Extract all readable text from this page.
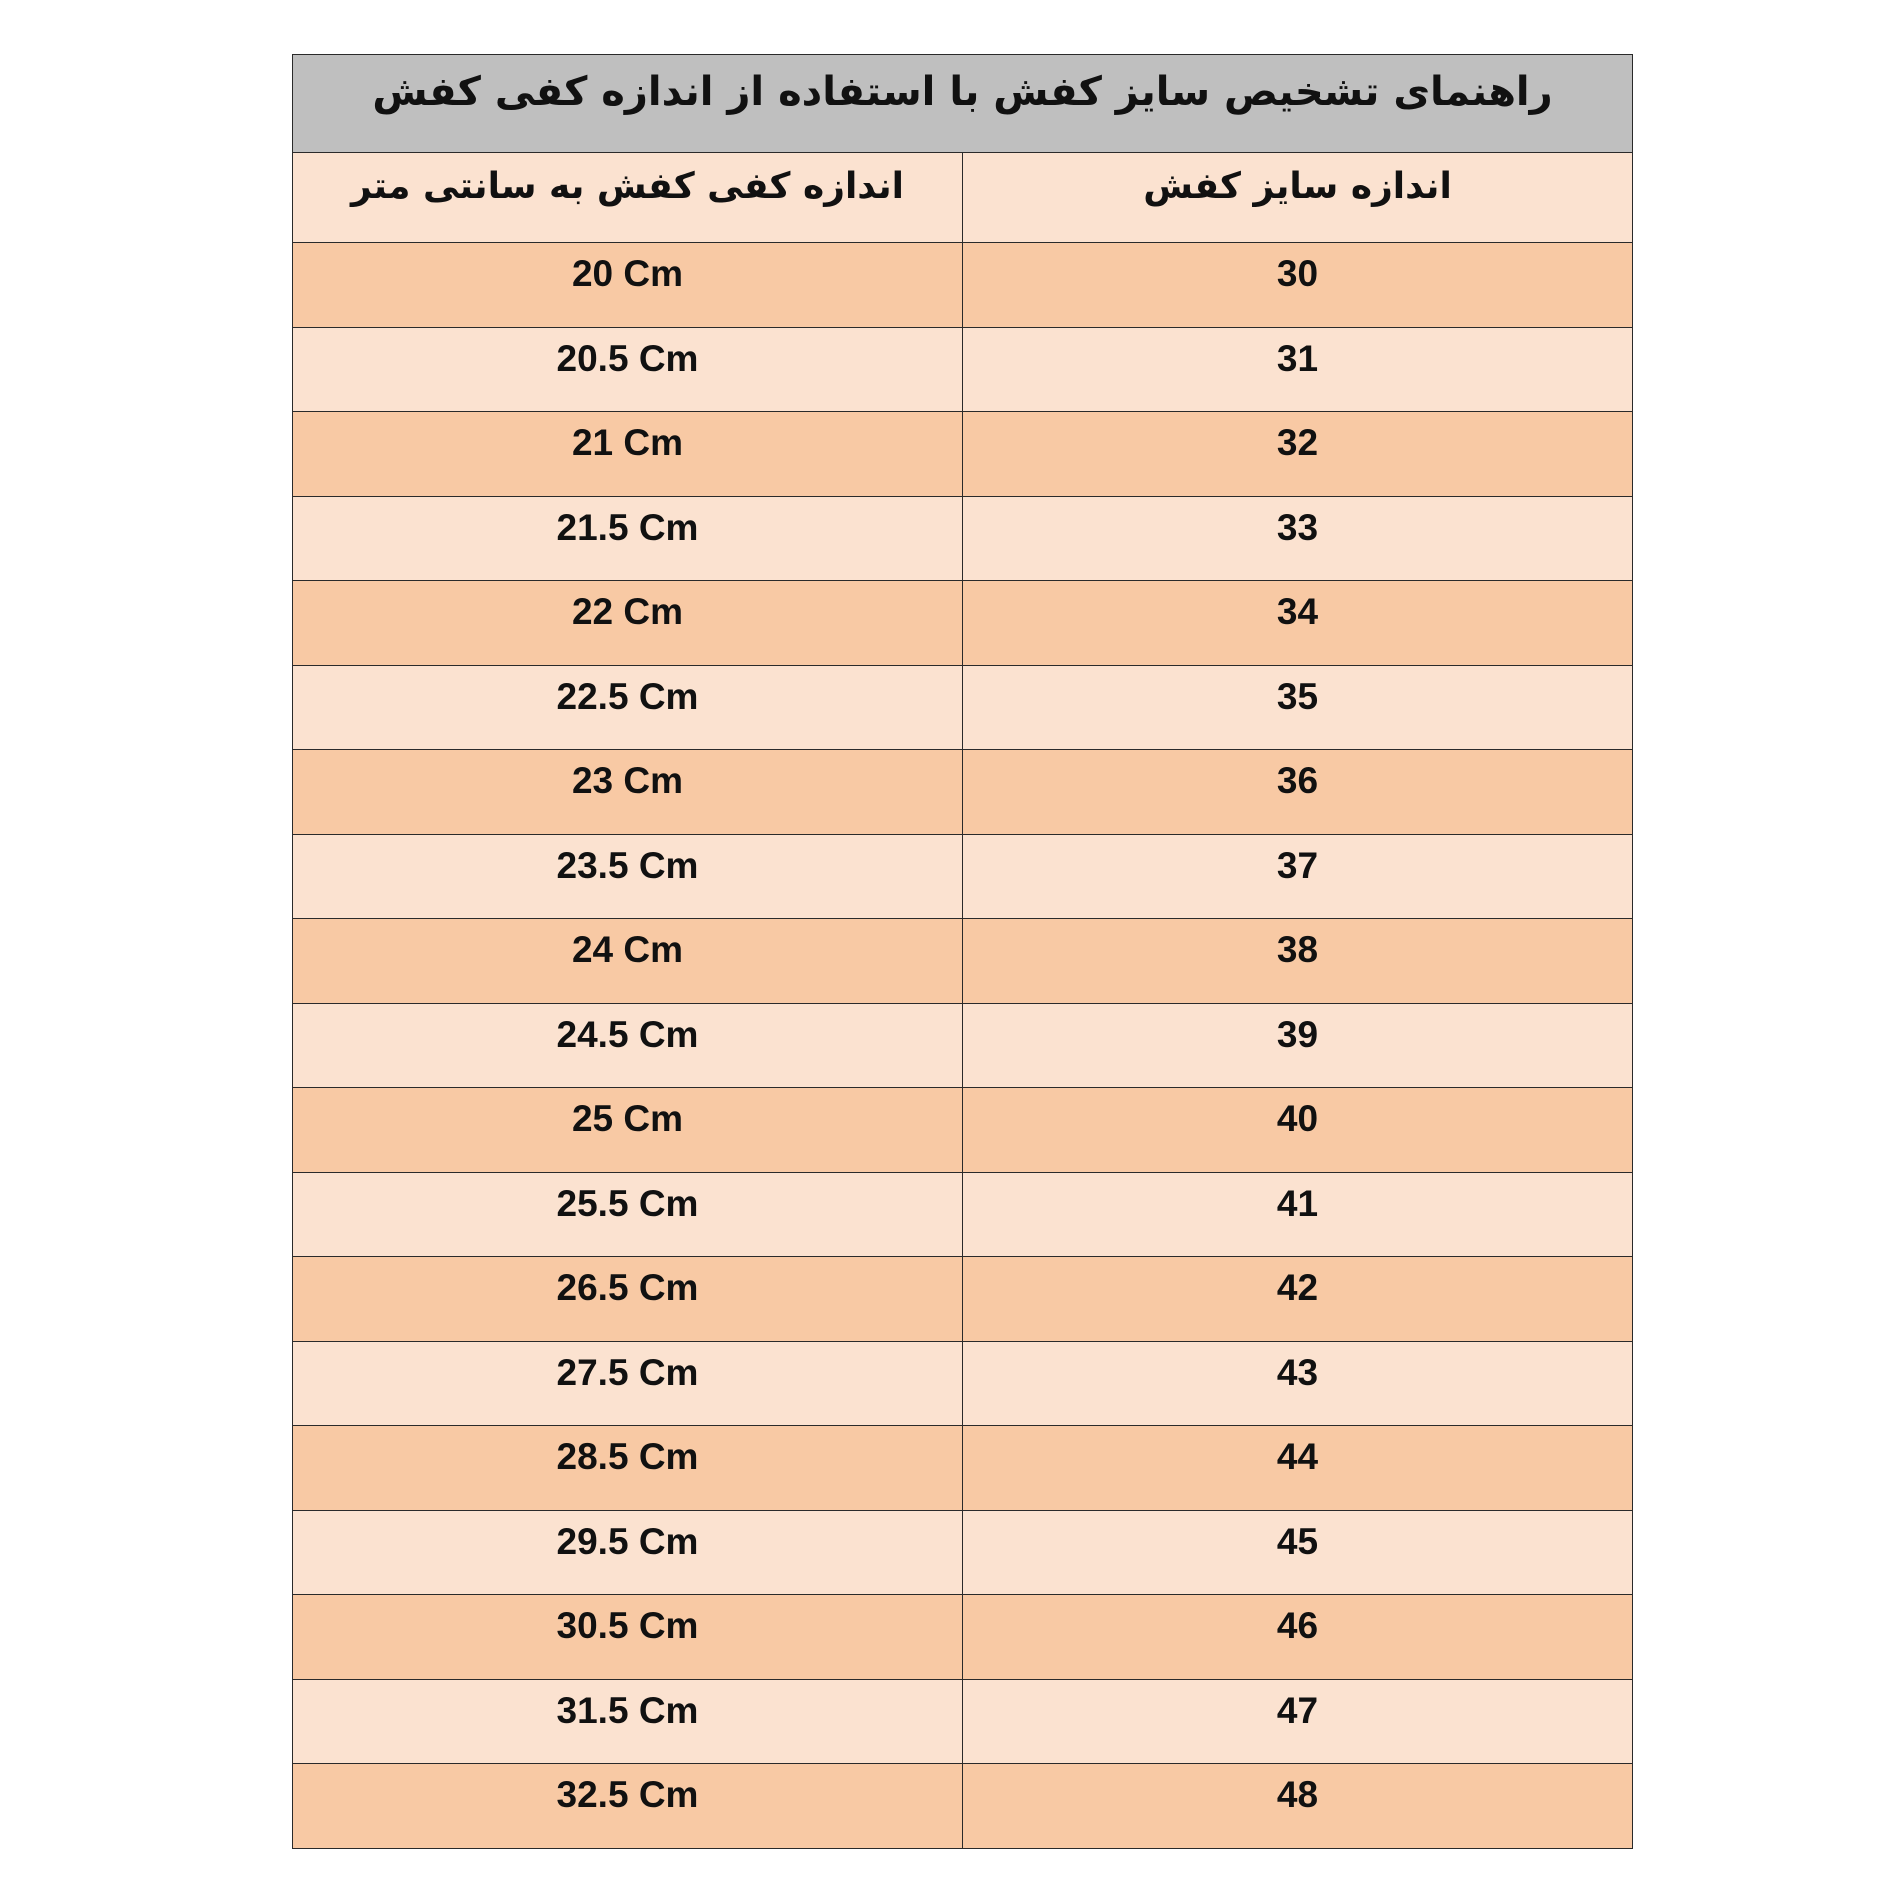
راهنمای تشخیص سایز کفش با استفاده از اندازه کفی کفش	
اندازه کفی کفش به سانتی متر	اندازه سایز کفش
20 Cm	30
20.5 Cm	31
21 Cm	32
21.5 Cm	33
22 Cm	34
22.5 Cm	35
23 Cm	36
23.5 Cm	37
24 Cm	38
24.5 Cm	39
25 Cm	40
25.5 Cm	41
26.5 Cm	42
27.5 Cm	43
28.5 Cm	44
29.5 Cm	45
30.5 Cm	46
31.5 Cm	47
32.5 Cm	48
